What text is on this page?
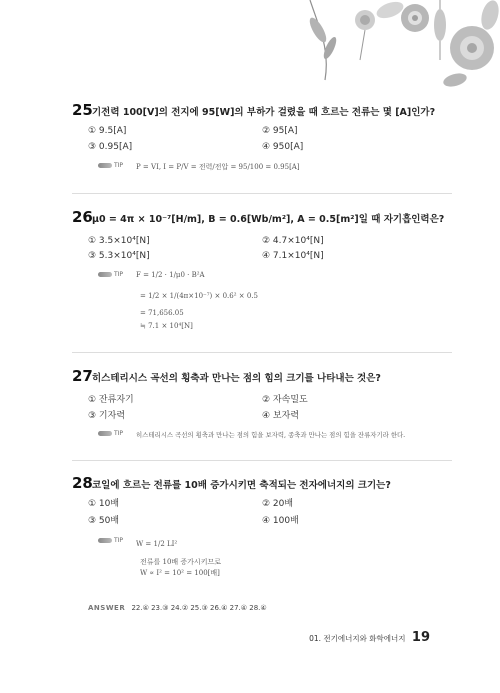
25 기전력 100[V]의 전지에 95[W]의 부하가 걸렸을 때 흐르는 전류는 몇 [A]인가?
① 9.5[A]	② 95[A]
③ 0.95[A]	④ 950[A]
TIP P = VI, I = P/V = 전력/전압 = 95/100 = 0.95[A]
26 μ0 = 4π × 10⁻⁷[H/m], B = 0.6[Wb/m²], A = 0.5[m²]일 때 자기흡인력은?
① 3.5×10⁴[N]	② 4.7×10⁴[N]
③ 5.3×10⁴[N]	④ 7.1×10⁴[N]
TIP F = 1/2 · 1/μ0 · B²A
= 1/2 × 1/(4π×10⁻⁷) × 0.6² × 0.5
= 71,656.05
≒ 7.1 × 10⁴[N]
27 히스테리시스 곡선의 횡축과 만나는 점의 힘의 크기를 나타내는 것은?
① 잔류자기	② 자속밀도
③ 기자력	④ 보자력
TIP 히스테리시스 곡선의 횡축과 만나는 점의 힘을 보자력, 종축과 만나는 점의 힘을 잔류자기라 한다.
28 코일에 흐르는 전류를 10배 증가시키면 축적되는 전자에너지의 크기는?
① 10배	② 20배
③ 50배	④ 100배
TIP W = 1/2 LI²
전류를 10배 증가시키므로
W ∝ I² = 10² = 100[배]
ANSWER 22.④ 23.③ 24.② 25.③ 26.④ 27.④ 28.④
01. 전기에너지와 화학에너지 19
